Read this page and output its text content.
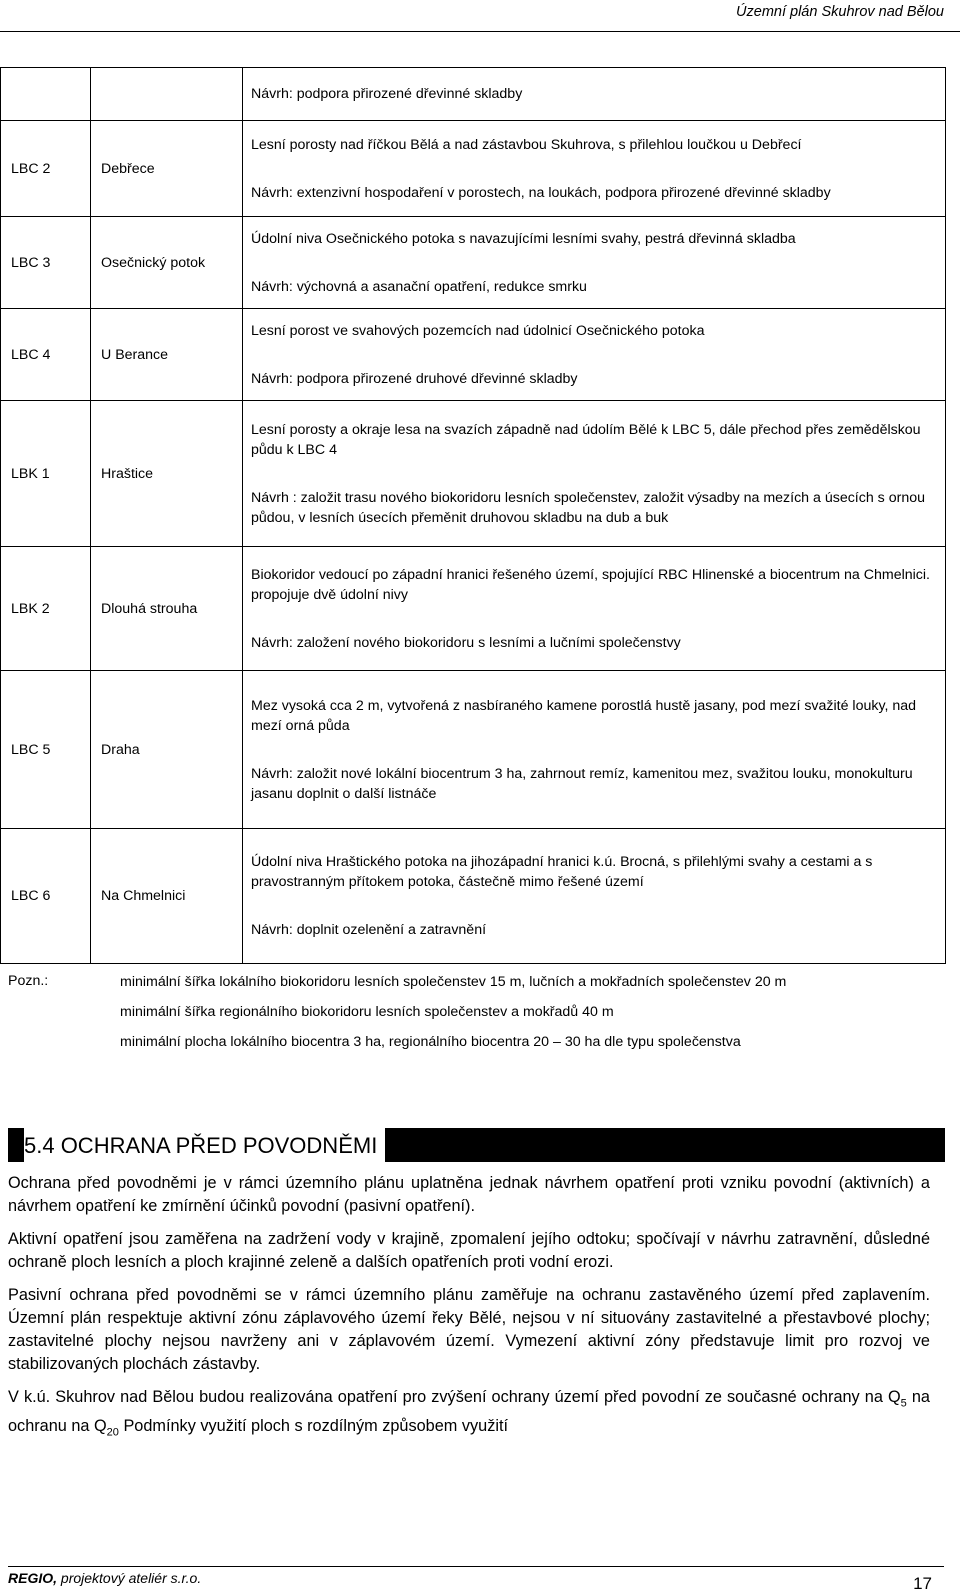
Územní plán Skuhrov nad Bělou

		Návrh: podpora přirozené dřevinné skladby

LBC 2	Debřece	Lesní porosty nad říčkou Bělá a nad zástavbou Skuhrova, s přilehlou loučkou u Debřecí

Návrh: extenzivní hospodaření v porostech, na loukách, podpora přirozené dřevinné skladby

LBC 3	Osečnický potok	Údolní niva Osečnického potoka s navazujícími lesními svahy, pestrá dřevinná skladba

Návrh: výchovná a asanační opatření, redukce smrku

LBC 4	U Berance	Lesní porost ve svahových pozemcích nad údolnicí Osečnického potoka

Návrh: podpora přirozené druhové dřevinné skladby

LBK 1	Hraštice	Lesní porosty a okraje lesa na svazích západně nad údolím Bělé k LBC 5, dále přechod přes zemědělskou půdu k LBC 4

Návrh : založit trasu nového biokoridoru lesních společenstev, založit výsadby na mezích a úsecích s ornou půdou, v lesních úsecích přeměnit druhovou skladbu na dub a buk

LBK 2	Dlouhá strouha	Biokoridor vedoucí po západní hranici řešeného území, spojující RBC Hlinenské a biocentrum na Chmelnici. propojuje dvě údolní nivy

Návrh: založení nového biokoridoru s lesními a lučními společenstvy

LBC 5	Draha	Mez vysoká cca 2 m, vytvořená z nasbíraného kamene porostlá hustě jasany, pod mezí svažité louky, nad mezí orná půda

Návrh: založit nové lokální biocentrum 3 ha, zahrnout remíz, kamenitou mez, svažitou louku, monokulturu jasanu doplnit o další listnáče

LBC 6	Na Chmelnici	Údolní niva Hraštického potoka na jihozápadní hranici k.ú. Brocná, s přilehlými svahy a cestami a s pravostranným přítokem potoka, částečně mimo řešené území

Návrh: doplnit ozelenění a zatravnění

Pozn.:	minimální šířka lokálního biokoridoru lesních společenstev 15 m, lučních a mokřadních společenstev 20 m

minimální šířka regionálního biokoridoru lesních společenstev a mokřadů 40 m

minimální plocha lokálního biocentra 3 ha, regionálního biocentra 20 – 30 ha dle typu společenstva

5.4 OCHRANA PŘED POVODNĚMI

Ochrana před povodněmi je v rámci územního plánu uplatněna jednak návrhem opatření proti vzniku povodní (aktivních) a návrhem opatření ke zmírnění účinků povodní (pasivní opatření).

Aktivní opatření jsou zaměřena na zadržení vody v krajině, zpomalení jejího odtoku; spočívají v návrhu zatravnění, důsledné ochraně ploch lesních a ploch krajinné zeleně a dalších opatřeních proti vodní erozi.

Pasivní ochrana před povodněmi se v rámci územního plánu zaměřuje na ochranu zastavěného území před zaplavením. Územní plán respektuje aktivní zónu záplavového území řeky Bělé, nejsou v ní situovány zastavitelné a přestavbové plochy; zastavitelné plochy nejsou navrženy ani v záplavovém území. Vymezení aktivní zóny představuje limit pro rozvoj ve stabilizovaných plochách zástavby.

V k.ú. Skuhrov nad Bělou budou realizována opatření pro zvýšení ochrany území před povodní ze současné ochrany na $Q_5$ na ochranu na $Q_{20}$ Podmínky využití ploch s rozdílným způsobem využití

REGIO, projektový ateliér s.r.o.	17
